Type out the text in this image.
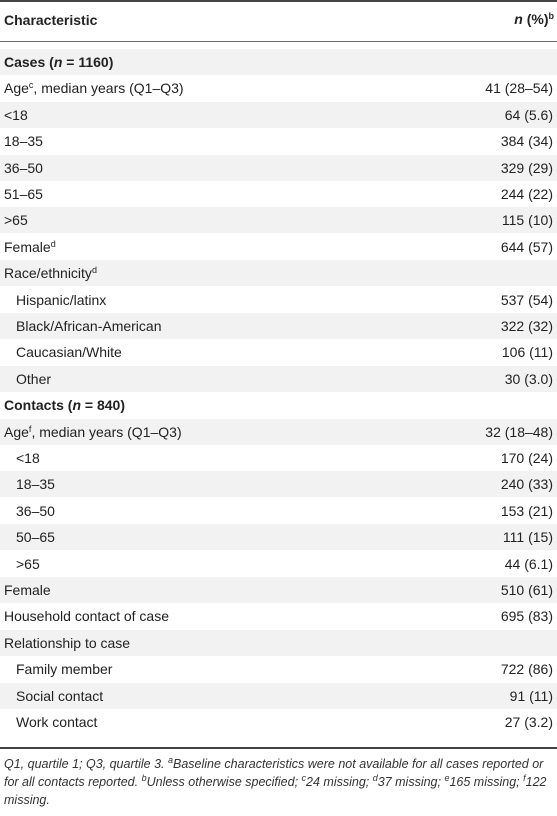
Characteristic	n (%)$^b$
Cases (n = 1160)
Age$^c$, median years (Q1–Q3)	41 (28–54)
<18	64 (5.6)
18–35	384 (34)
36–50	329 (29)
51–65	244 (22)
>65	115 (10)
Female$^d$	644 (57)
Race/ethnicity$^d$
Hispanic/latinx	537 (54)
Black/African-American	322 (32)
Caucasian/White	106 (11)
Other	30 (3.0)
Contacts (n = 840)
Age$^f$, median years (Q1–Q3)	32 (18–48)
<18	170 (24)
18–35	240 (33)
36–50	153 (21)
50–65	111 (15)
>65	44 (6.1)
Female	510 (61)
Household contact of case	695 (83)
Relationship to case
Family member	722 (86)
Social contact	91 (11)
Work contact	27 (3.2)
Q1, quartile 1; Q3, quartile 3. $^a$Baseline characteristics were not available for all cases reported or for all contacts reported. $^b$Unless otherwise specified; $^c$24 missing; $^d$37 missing; $^e$165 missing; $^f$122 missing.
